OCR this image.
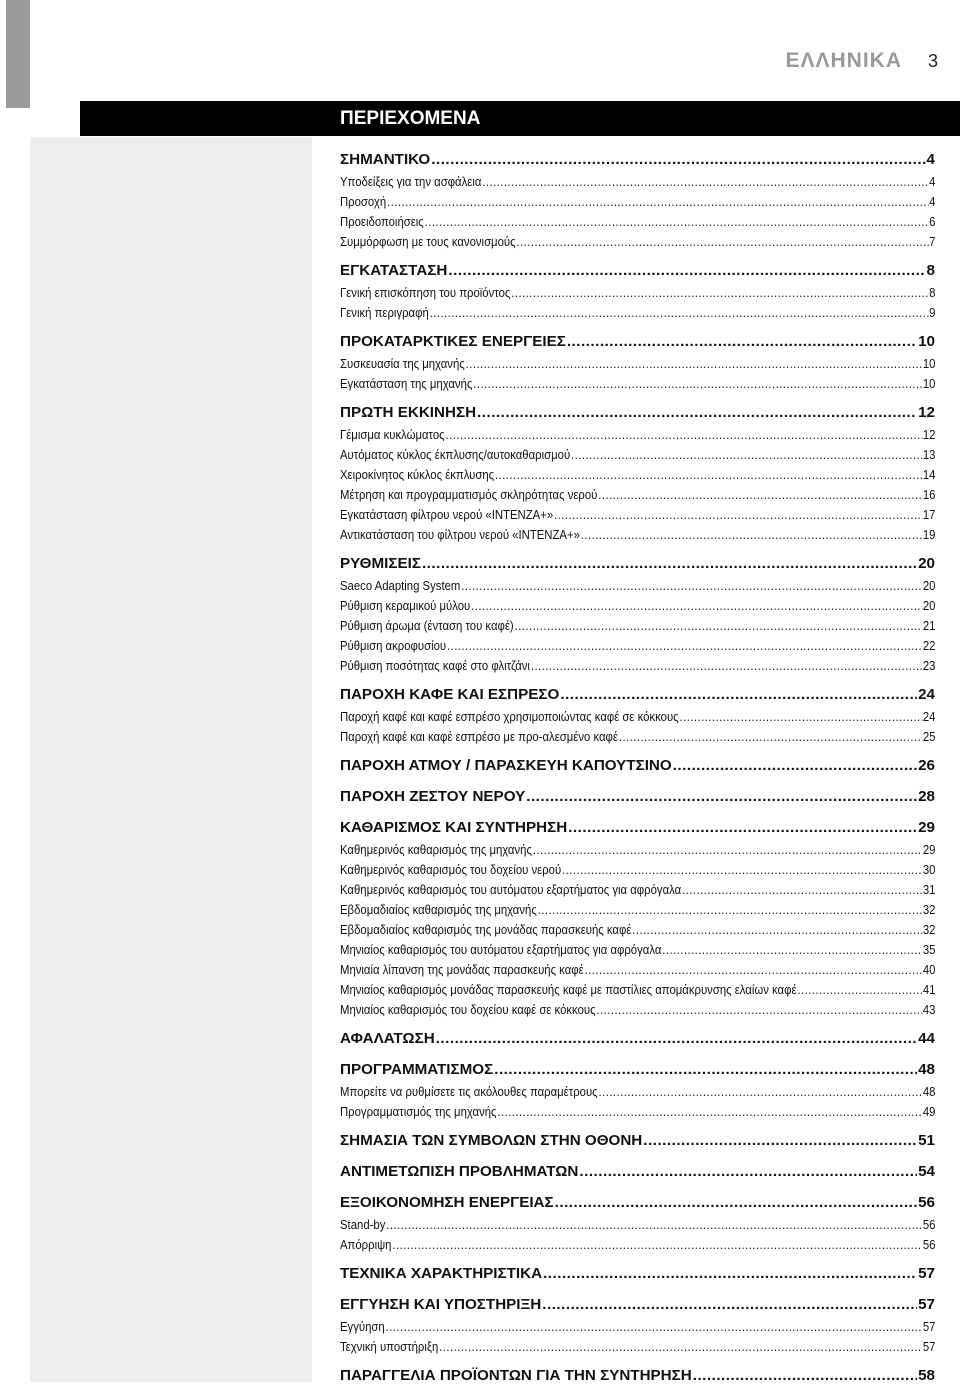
ΕΛΛΗΝΙΚΑ 3
ΠΕΡΙΕΧΟΜΕΝΑ
ΣΗΜΑΝΤΙΚΟ .....	4
Υποδείξεις για την ασφάλεια .....	4
Προσοχή .....	4
Προειδοποιήσεις .....	6
Συμμόρφωση με τους κανονισμούς .....	7
ΕΓΚΑΤΑΣΤΑΣΗ .....	8
Γενική επισκόπηση του προϊόντος .....	8
Γενική περιγραφή .....	9
ΠΡΟΚΑΤΑΡΚΤΙΚΕΣ ΕΝΕΡΓΕΙΕΣ .....	10
Συσκευασία της μηχανής .....	10
Εγκατάσταση της μηχανής .....	10
ΠΡΩΤΗ ΕΚΚΙΝΗΣΗ .....	12
Γέμισμα κυκλώματος .....	12
Αυτόματος κύκλος έκπλυσης/αυτοκαθαρισμού .....	13
Χειροκίνητος κύκλος έκπλυσης .....	14
Μέτρηση και προγραμματισμός σκληρότητας νερού .....	16
Εγκατάσταση φίλτρου νερού «INTENZA+» .....	17
Αντικατάσταση του φίλτρου νερού «INTENZA+» .....	19
ΡΥΘΜΙΣΕΙΣ .....	20
Saeco Adapting System .....	20
Ρύθμιση κεραμικού μύλου .....	20
Ρύθμιση άρωμα (ένταση του καφέ) .....	21
Ρύθμιση ακροφυσίου .....	22
Ρύθμιση ποσότητας καφέ στο φλιτζάνι .....	23
ΠΑΡΟΧΗ ΚΑΦΕ ΚΑΙ ΕΣΠΡΕΣΟ .....	24
Παροχή καφέ και καφέ εσπρέσο χρησιμοποιώντας καφέ σε κόκκους .....	24
Παροχή καφέ και καφέ εσπρέσο με προ-αλεσμένο καφέ .....	25
ΠΑΡΟΧΗ ΑΤΜΟΥ / ΠΑΡΑΣΚΕΥΗ ΚΑΠΟΥΤΣΙΝΟ .....	26
ΠΑΡΟΧΗ ΖΕΣΤΟΥ ΝΕΡΟΥ .....	28
ΚΑΘΑΡΙΣΜΟΣ ΚΑΙ ΣΥΝΤΗΡΗΣΗ .....	29
Καθημερινός καθαρισμός της μηχανής .....	29
Καθημερινός καθαρισμός του δοχείου νερού .....	30
Καθημερινός καθαρισμός του αυτόματου εξαρτήματος για αφρόγαλα .....	31
Εβδομαδιαίος καθαρισμός της μηχανής .....	32
Εβδομαδιαίος καθαρισμός της μονάδας παρασκευής καφέ .....	32
Μηνιαίος καθαρισμός του αυτόματου εξαρτήματος για αφρόγαλα .....	35
Μηνιαία λίπανση της μονάδας παρασκευής καφέ .....	40
Μηνιαίος καθαρισμός μονάδας παρασκευής καφέ με παστίλιες απομάκρυνσης ελαίων καφέ .....	41
Μηνιαίος καθαρισμός του δοχείου καφέ σε κόκκους .....	43
ΑΦΑΛΑΤΩΣΗ .....	44
ΠΡΟΓΡΑΜΜΑΤΙΣΜΟΣ .....	48
Μπορείτε να ρυθμίσετε τις ακόλουθες παραμέτρους .....	48
Προγραμματισμός της μηχανής .....	49
ΣΗΜΑΣΙΑ ΤΩΝ ΣΥΜΒΟΛΩΝ ΣΤΗΝ ΟΘΟΝΗ .....	51
ΑΝΤΙΜΕΤΩΠΙΣΗ ΠΡΟΒΛΗΜΑΤΩΝ .....	54
ΕΞΟΙΚΟΝΟΜΗΣΗ ΕΝΕΡΓΕΙΑΣ .....	56
Stand-by .....	56
Απόρριψη .....	56
ΤΕΧΝΙΚΑ ΧΑΡΑΚΤΗΡΙΣΤΙΚΑ .....	57
ΕΓΓΥΗΣΗ ΚΑΙ ΥΠΟΣΤΗΡΙΞΗ .....	57
Εγγύηση .....	57
Τεχνική υποστήριξη .....	57
ΠΑΡΑΓΓΕΛΙΑ ΠΡΟΪΟΝΤΩΝ ΓΙΑ ΤΗΝ ΣΥΝΤΗΡΗΣΗ .....	58
